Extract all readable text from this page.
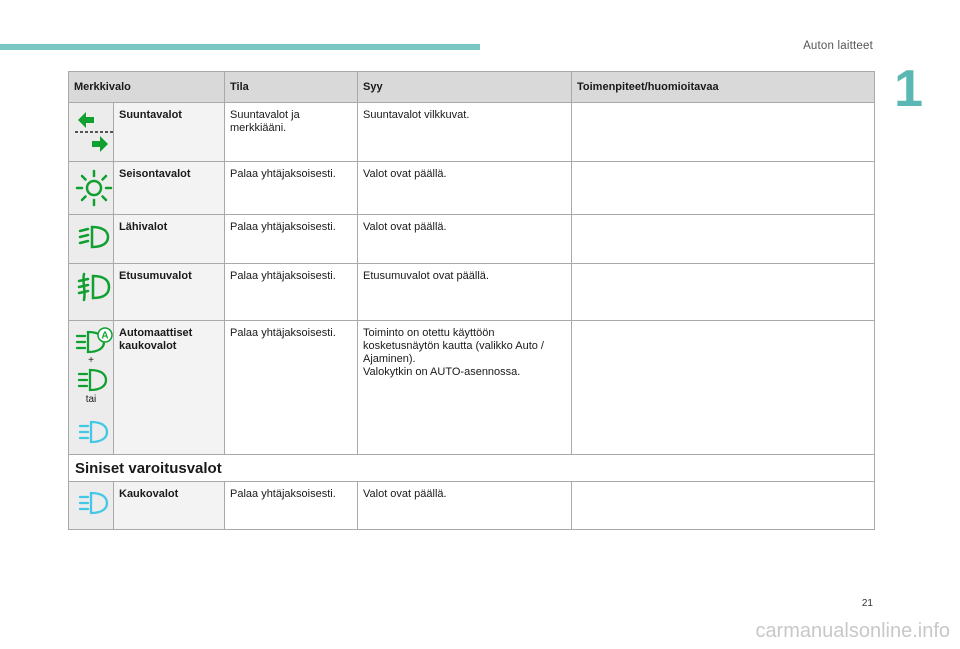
Auton laitteet
1
Merkkivalo		Tila	Syy	Toimenpiteet/huomioitavaa

	Suuntavalot	Suuntavalot ja merkkiääni.	Suuntavalot vilkkuvat.	

	Seisontavalot	Palaa yhtäjaksoisesti.	Valot ovat päällä.	

	Lähivalot	Palaa yhtäjaksoisesti.	Valot ovat päällä.	

	Etusumuvalot	Palaa yhtäjaksoisesti.	Etusumuvalot ovat päällä.	

A
+
tai	Automaattiset kaukovalot	Palaa yhtäjaksoisesti.	Toiminto on otettu käyttöön kosketusnäytön kautta (valikko Auto / Ajaminen).
Valokytkin on AUTO-asennossa.	
Siniset varoitusvalot				

	Kaukovalot	Palaa yhtäjaksoisesti.	Valot ovat päällä.	
21
carmanualsonline.info
